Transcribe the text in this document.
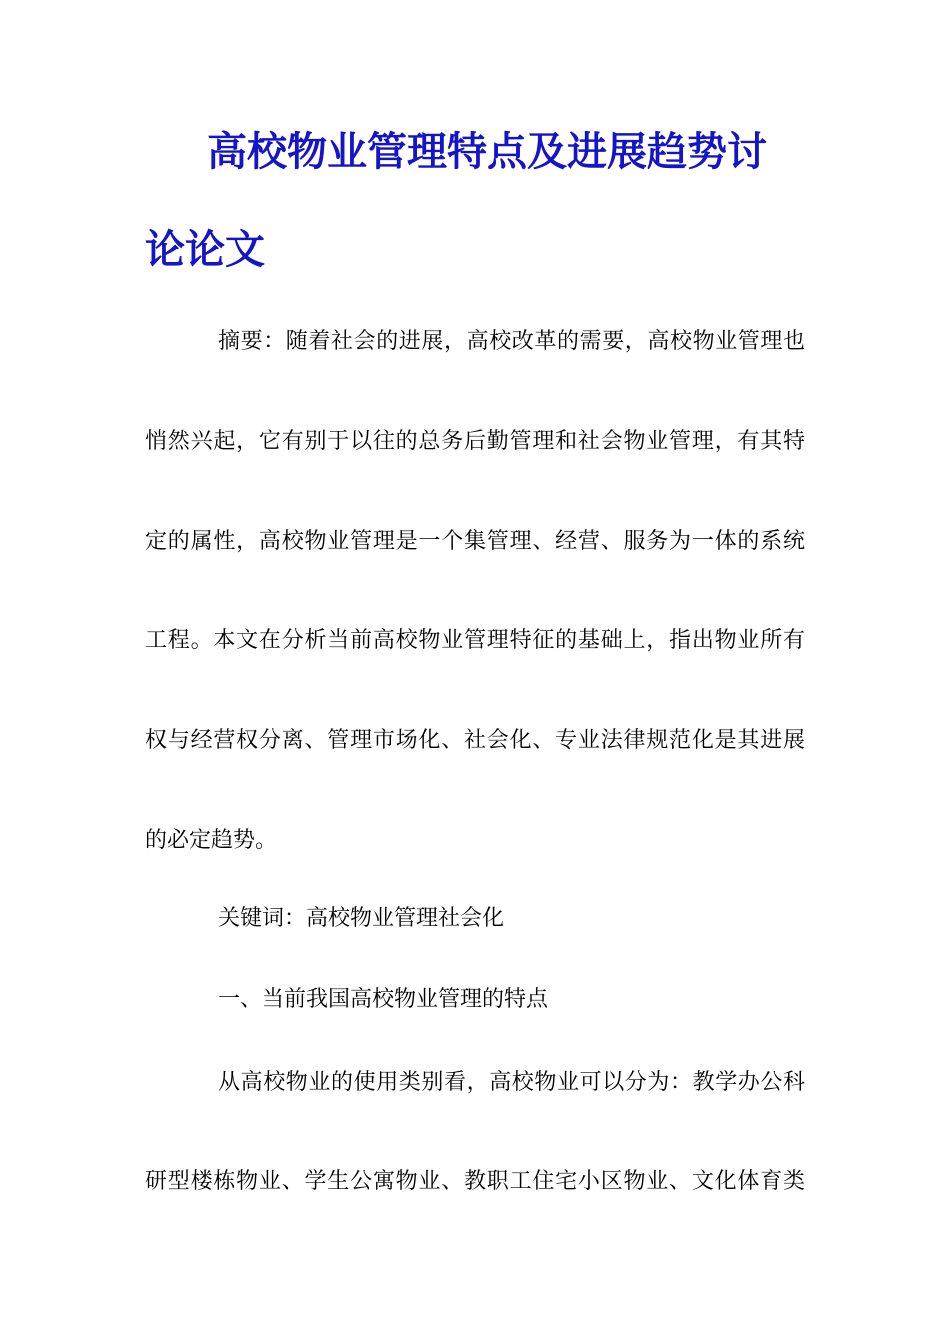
高校物业管理特点及进展趋势讨
论论文

摘要：随着社会的进展，高校改革的需要，高校物业管理也

悄然兴起，它有别于以往的总务后勤管理和社会物业管理，有其特

定的属性，高校物业管理是一个集管理、经营、服务为一体的系统

工程。本文在分析当前高校物业管理特征的基础上，指出物业所有

权与经营权分离、管理市场化、社会化、专业法律规范化是其进展

的必定趋势。

关键词：高校物业管理社会化

一、当前我国高校物业管理的特点

从高校物业的使用类别看，高校物业可以分为：教学办公科

研型楼栋物业、学生公寓物业、教职工住宅小区物业、文化体育类
